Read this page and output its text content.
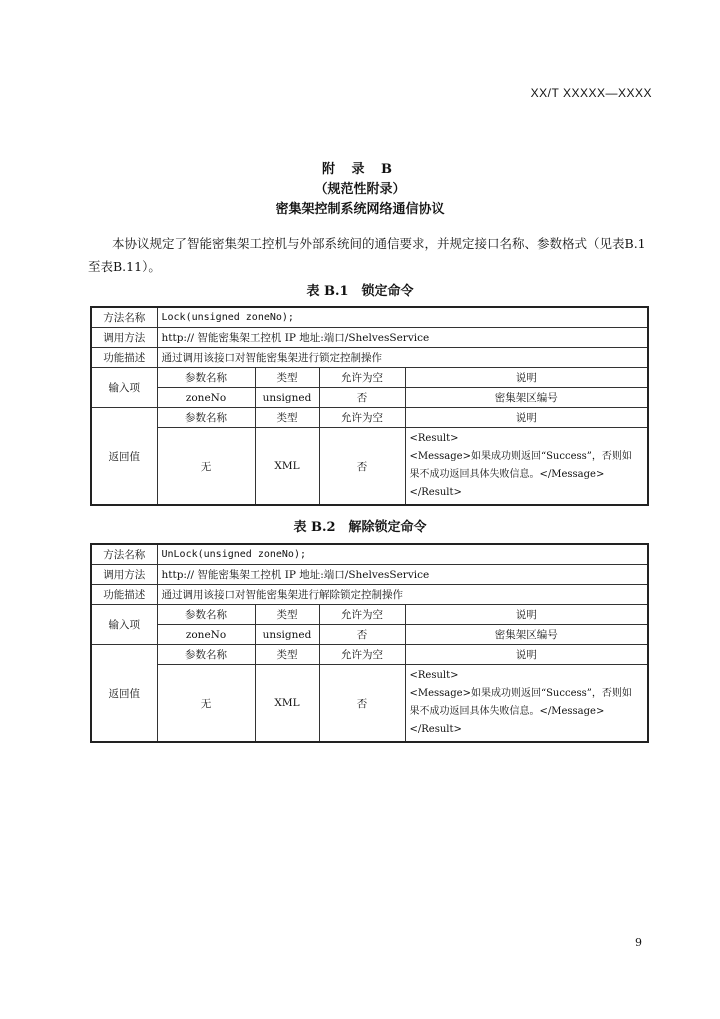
XX/T XXXXX—XXXX
附 录 B
（规范性附录）
密集架控制系统网络通信协议
本协议规定了智能密集架工控机与外部系统间的通信要求，并规定接口名称、参数格式（见表B.1至表B.11）。
表 B.1　锁定命令
方法名称	Lock(unsigned zoneNo);			
调用方法	http:// 智能密集架工控机 IP 地址:端口/ShelvesService			
功能描述	通过调用该接口对智能密集架进行锁定控制操作			
输入项	参数名称	类型	允许为空	说明
	zoneNo	unsigned	否	密集架区编号
返回值	参数名称	类型	允许为空	说明
	无	XML	否	<Result>
<Message>如果成功则返回“Success”，否则如
果不成功返回具体失败信息。</Message>
</Result>
表 B.2　解除锁定命令
方法名称	UnLock(unsigned zoneNo);			
调用方法	http:// 智能密集架工控机 IP 地址:端口/ShelvesService			
功能描述	通过调用该接口对智能密集架进行解除锁定控制操作			
输入项	参数名称	类型	允许为空	说明
	zoneNo	unsigned	否	密集架区编号
返回值	参数名称	类型	允许为空	说明
	无	XML	否	<Result>
<Message>如果成功则返回“Success”，否则如
果不成功返回具体失败信息。</Message>
</Result>
9
